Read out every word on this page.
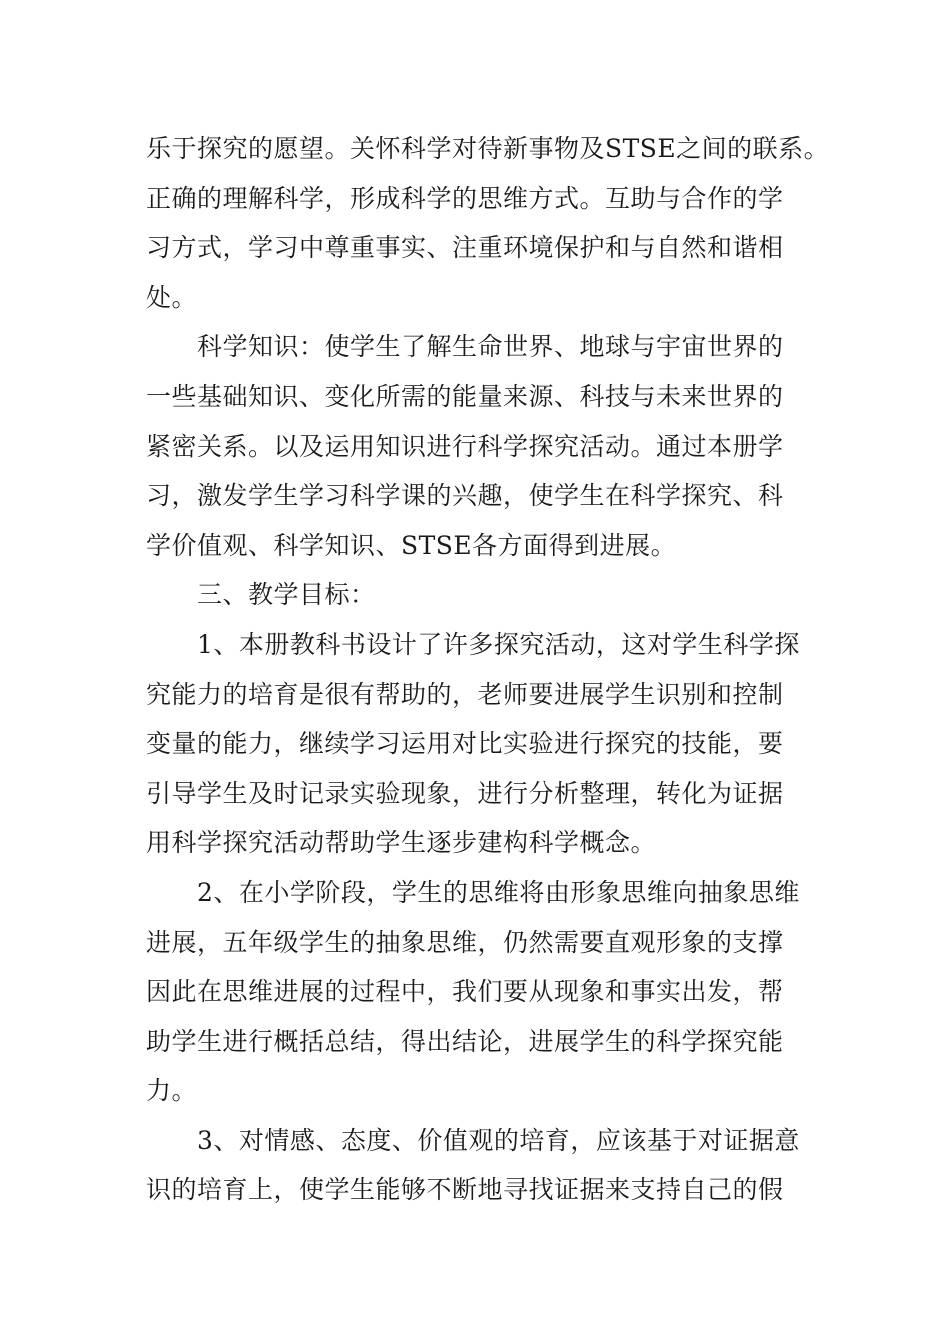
乐于探究的愿望。关怀科学对待新事物及STSE之间的联系。
正确的理解科学，形成科学的思维方式。互助与合作的学
习方式，学习中尊重事实、注重环境保护和与自然和谐相
处。
科学知识：使学生了解生命世界、地球与宇宙世界的
一些基础知识、变化所需的能量来源、科技与未来世界的
紧密关系。以及运用知识进行科学探究活动。通过本册学
习，激发学生学习科学课的兴趣，使学生在科学探究、科
学价值观、科学知识、STSE各方面得到进展。
三、教学目标：
1、本册教科书设计了许多探究活动，这对学生科学探
究能力的培育是很有帮助的，老师要进展学生识别和控制
变量的能力，继续学习运用对比实验进行探究的技能，要
引导学生及时记录实验现象，进行分析整理，转化为证据
用科学探究活动帮助学生逐步建构科学概念。
2、在小学阶段，学生的思维将由形象思维向抽象思维
进展，五年级学生的抽象思维，仍然需要直观形象的支撑
因此在思维进展的过程中，我们要从现象和事实出发，帮
助学生进行概括总结，得出结论，进展学生的科学探究能
力。
3、对情感、态度、价值观的培育，应该基于对证据意
识的培育上，使学生能够不断地寻找证据来支持自己的假
